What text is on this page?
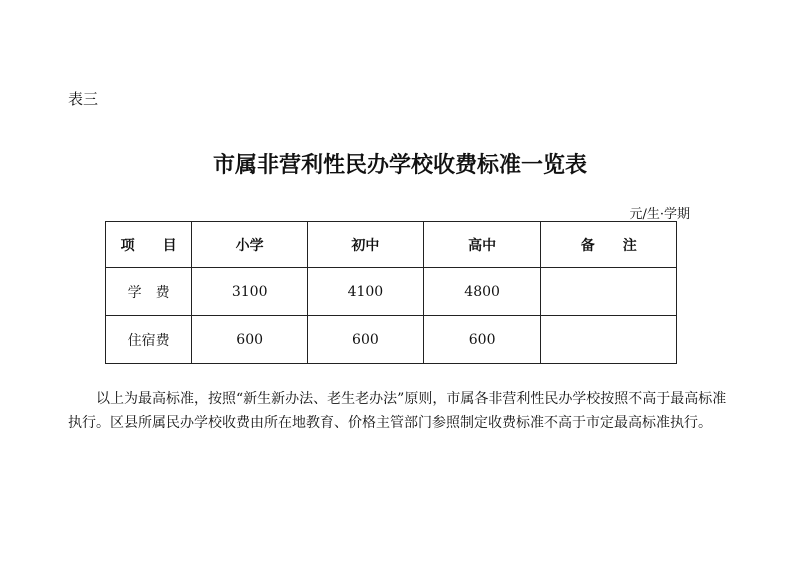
表三
市属非营利性民办学校收费标准一览表
元/生·学期
项　　目	小学	初中	高中	备　　注
学　费	3100	4100	4800	
住宿费	600	600	600	

以上为最高标准，按照“新生新办法、老生老办法”原则，市属各非营利性民办学校按照不高于最高标准执行。区县所属民办学校收费由所在地教育、价格主管部门参照制定收费标准不高于市定最高标准执行。
